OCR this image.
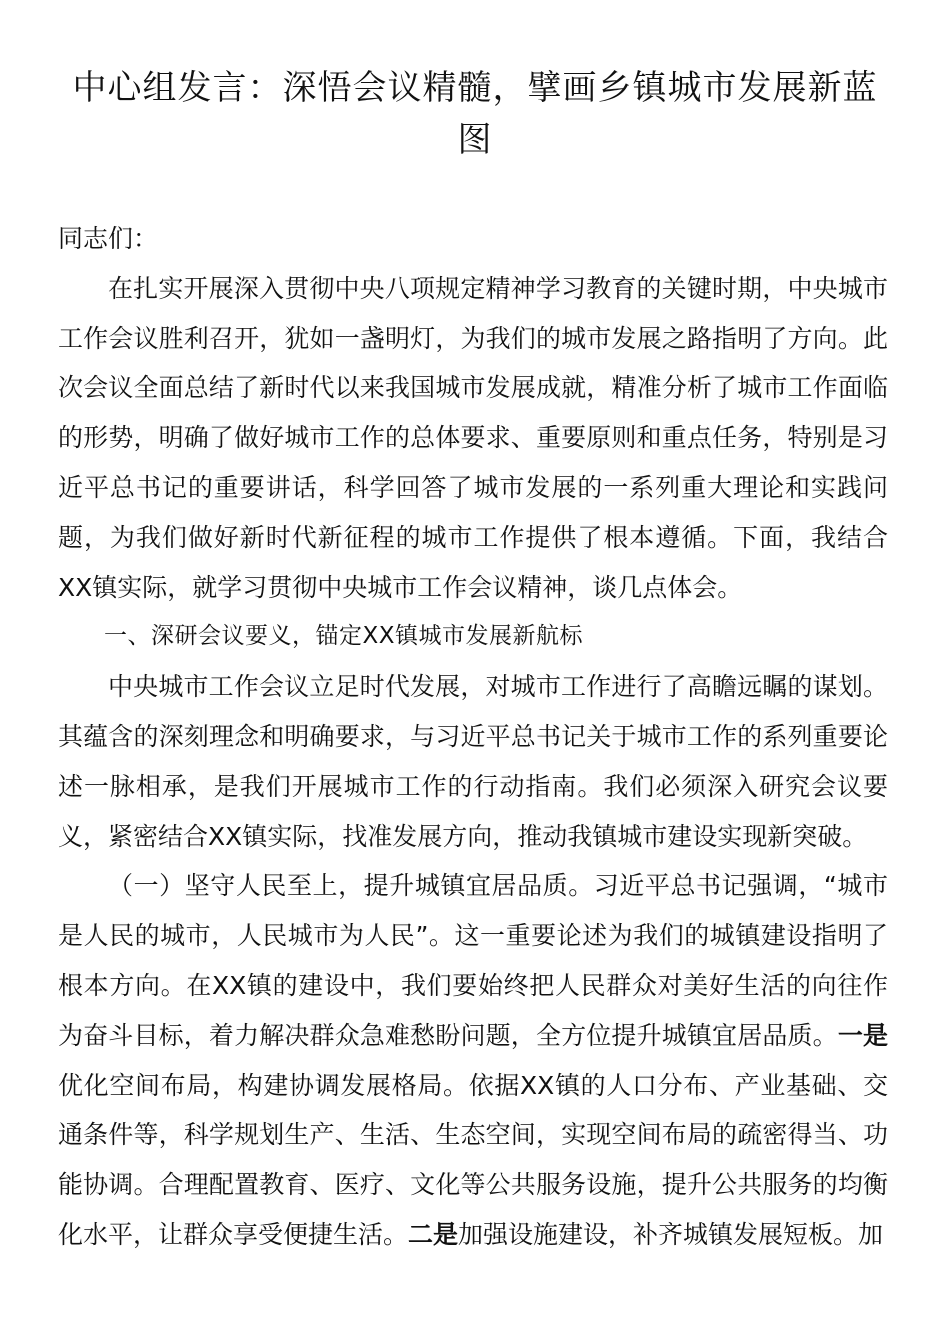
中心组发言：深悟会议精髓，擘画乡镇城市发展新蓝图

同志们：

在扎实开展深入贯彻中央八项规定精神学习教育的关键时期，中央城市工作会议胜利召开，犹如一盏明灯，为我们的城市发展之路指明了方向。此次会议全面总结了新时代以来我国城市发展成就，精准分析了城市工作面临的形势，明确了做好城市工作的总体要求、重要原则和重点任务，特别是习近平总书记的重要讲话，科学回答了城市发展的一系列重大理论和实践问题，为我们做好新时代新征程的城市工作提供了根本遵循。下面，我结合XX镇实际，就学习贯彻中央城市工作会议精神，谈几点体会。

一、深研会议要义，锚定XX镇城市发展新航标

中央城市工作会议立足时代发展，对城市工作进行了高瞻远瞩的谋划。其蕴含的深刻理念和明确要求，与习近平总书记关于城市工作的系列重要论述一脉相承，是我们开展城市工作的行动指南。我们必须深入研究会议要义，紧密结合XX镇实际，找准发展方向，推动我镇城市建设实现新突破。

（一）坚守人民至上，提升城镇宜居品质。习近平总书记强调，“城市是人民的城市，人民城市为人民”。这一重要论述为我们的城镇建设指明了根本方向。在XX镇的建设中，我们要始终把人民群众对美好生活的向往作为奋斗目标，着力解决群众急难愁盼问题，全方位提升城镇宜居品质。一是优化空间布局，构建协调发展格局。依据XX镇的人口分布、产业基础、交通条件等，科学规划生产、生活、生态空间，实现空间布局的疏密得当、功能协调。合理配置教育、医疗、文化等公共服务设施，提升公共服务的均衡化水平，让群众享受便捷生活。二是加强设施建设，补齐城镇发展短板。加
